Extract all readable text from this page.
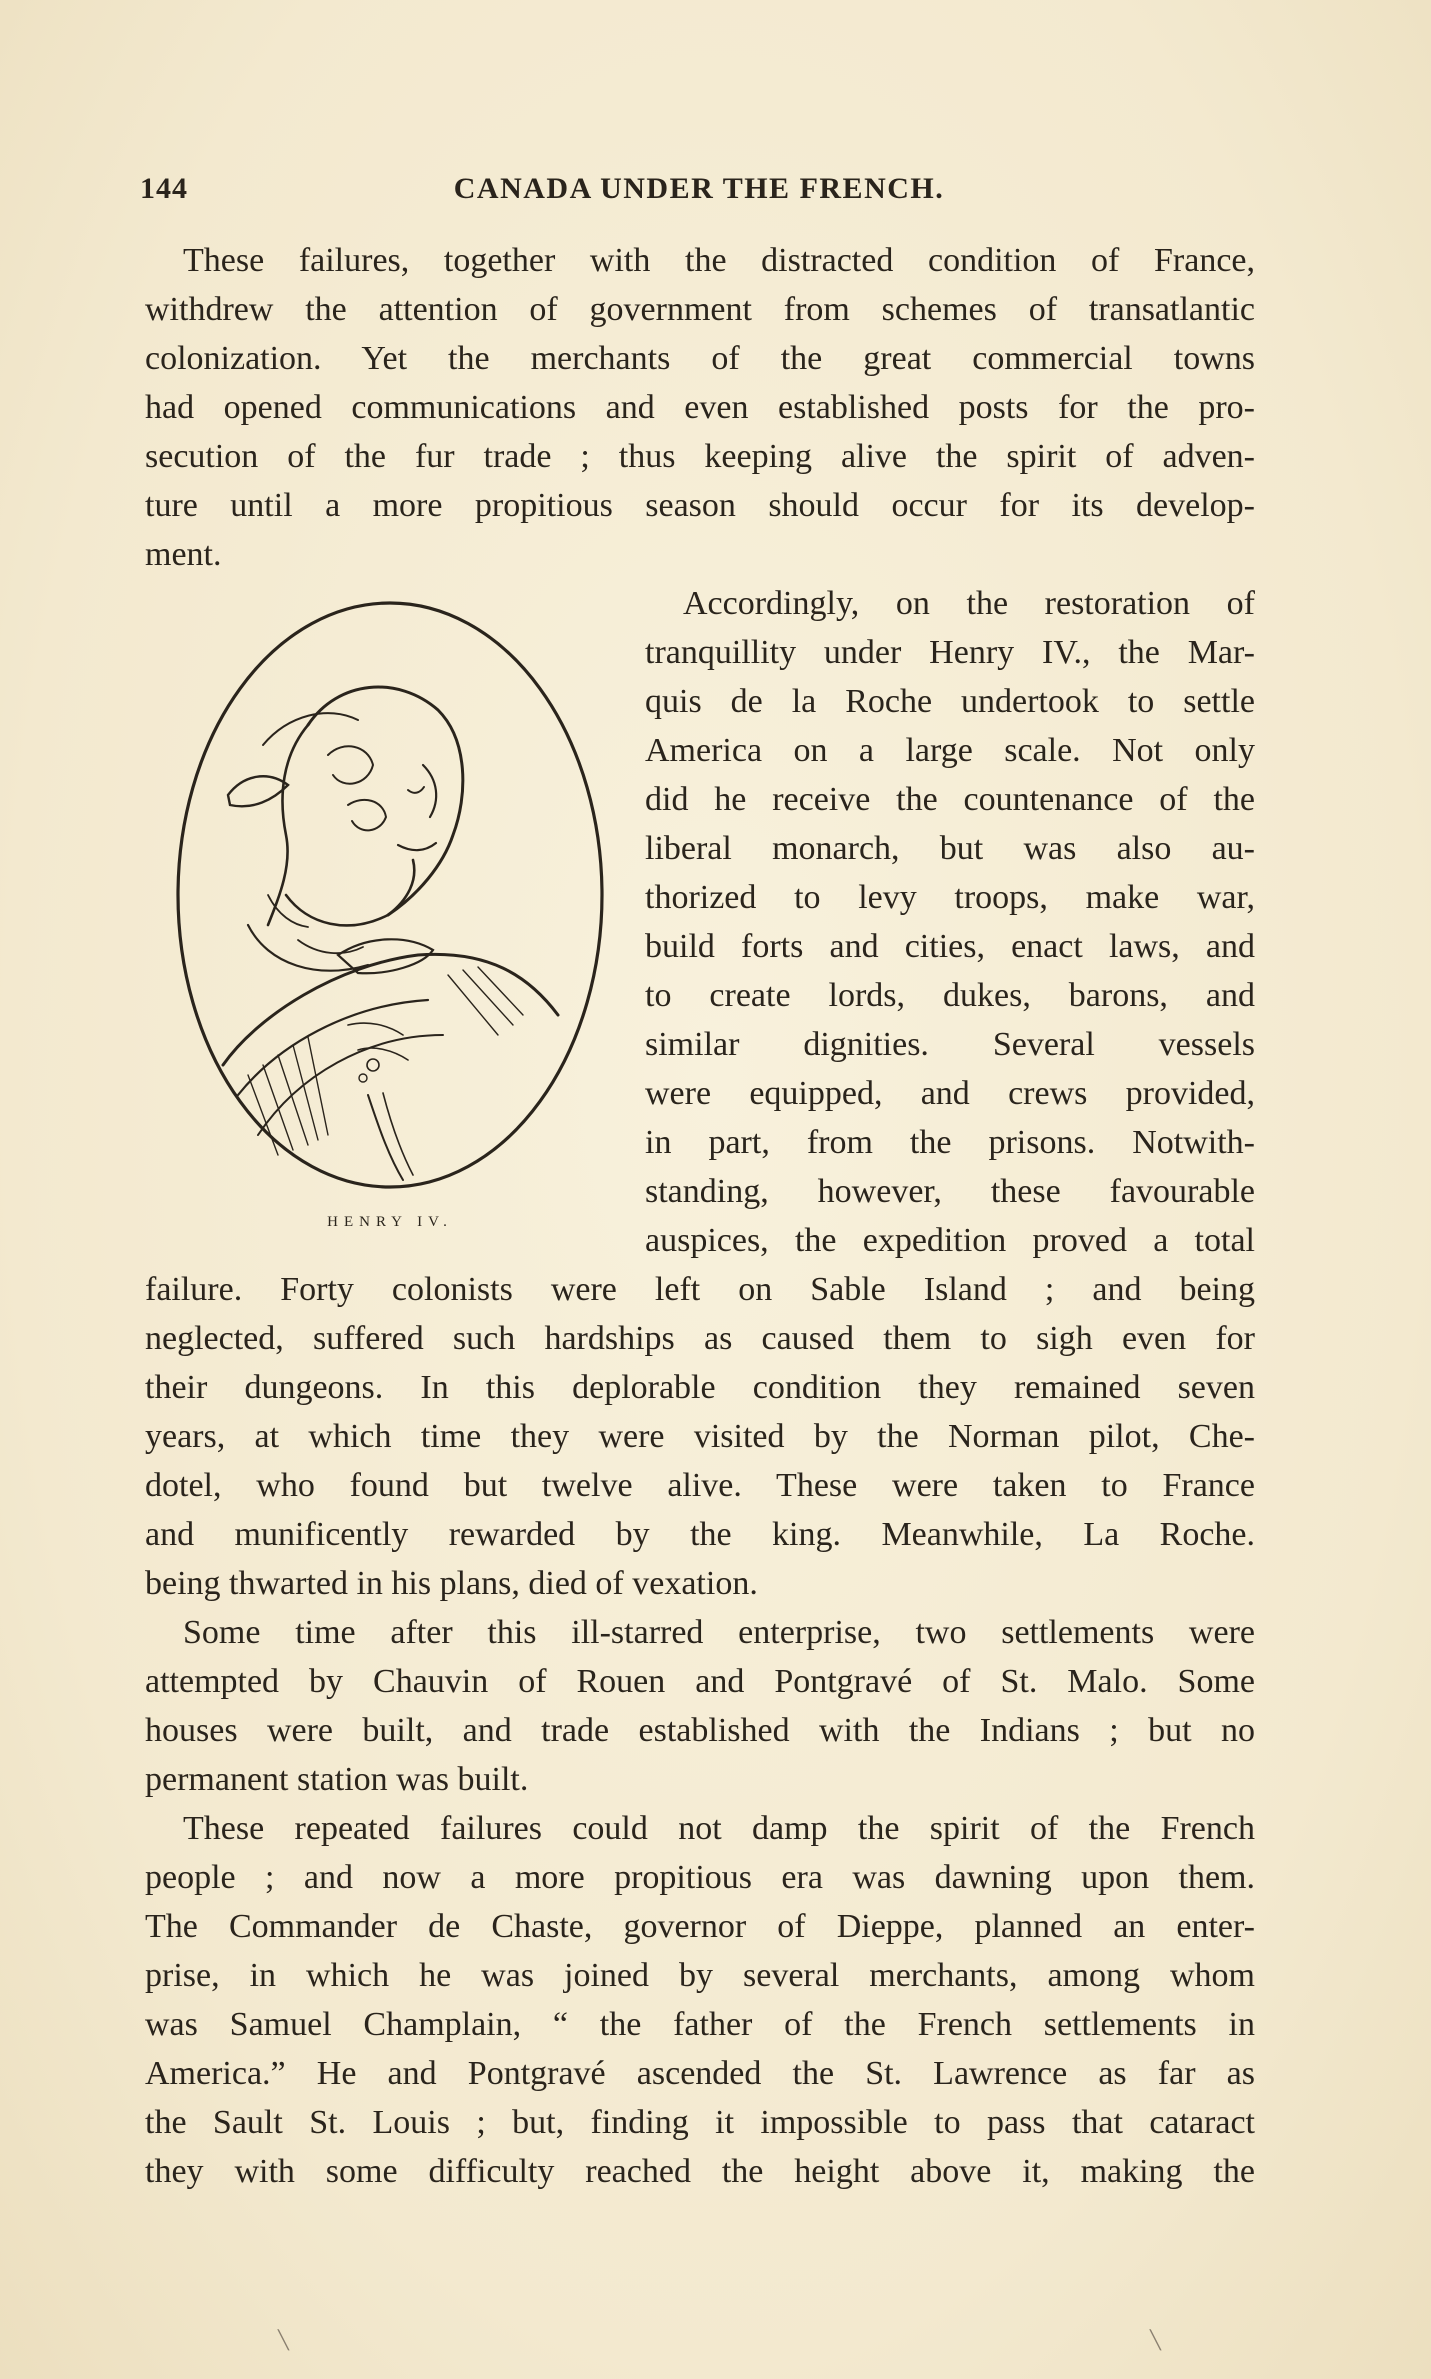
144	CANADA UNDER THE FRENCH.
These failures, together with the distracted condition of France,
withdrew the attention of government from schemes of transatlantic
colonization. Yet the merchants of the great commercial towns
had opened communications and even established posts for the pro-
secution of the fur trade ; thus keeping alive the spirit of adven-
ture until a more propitious season should occur for its develop-
ment.
HENRY IV.
Accordingly, on the restoration of
tranquillity under Henry IV., the Mar-
quis de la Roche undertook to settle
America on a large scale. Not only
did he receive the countenance of the
liberal monarch, but was also au-
thorized to levy troops, make war,
build forts and cities, enact laws, and
to create lords, dukes, barons, and
similar dignities. Several vessels
were equipped, and crews provided,
in part, from the prisons. Notwith-
standing, however, these favourable
auspices, the expedition proved a total
failure. Forty colonists were left on Sable Island ; and being
neglected, suffered such hardships as caused them to sigh even for
their dungeons. In this deplorable condition they remained seven
years, at which time they were visited by the Norman pilot, Che-
dotel, who found but twelve alive. These were taken to France
and munificently rewarded by the king. Meanwhile, La Roche.
being thwarted in his plans, died of vexation.
Some time after this ill-starred enterprise, two settlements were
attempted by Chauvin of Rouen and Pontgravé of St. Malo. Some
houses were built, and trade established with the Indians ; but no
permanent station was built.
These repeated failures could not damp the spirit of the French
people ; and now a more propitious era was dawning upon them.
The Commander de Chaste, governor of Dieppe, planned an enter-
prise, in which he was joined by several merchants, among whom
was Samuel Champlain, “ the father of the French settlements in
America.” He and Pontgravé ascended the St. Lawrence as far as
the Sault St. Louis ; but, finding it impossible to pass that cataract
they with some difficulty reached the height above it, making the
╲	╲
